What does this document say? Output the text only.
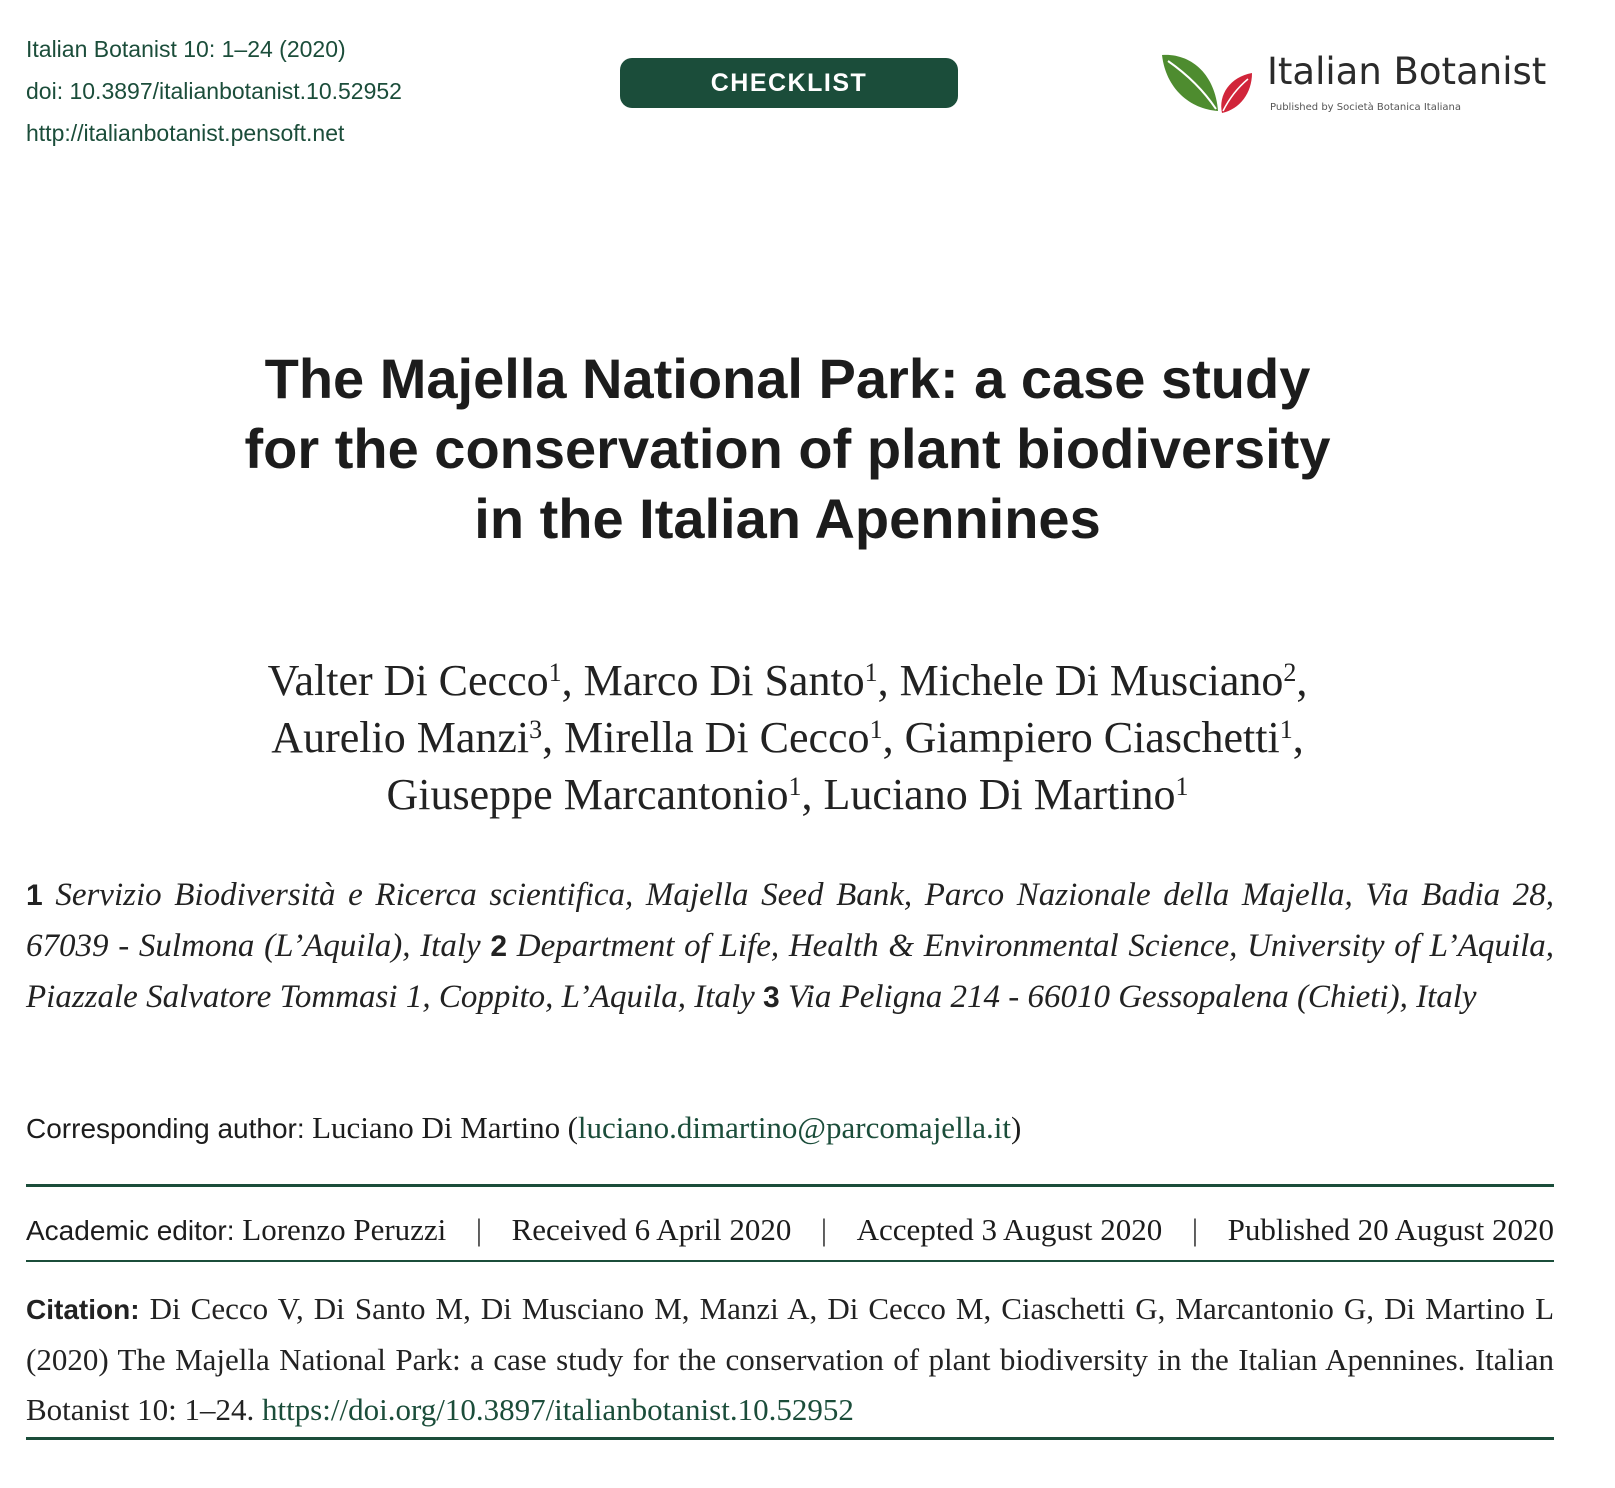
Italian Botanist 10: 1–24 (2020)
doi: 10.3897/italianbotanist.10.52952
http://italianbotanist.pensoft.net
CHECKLIST	Italian Botanist
Published by Società Botanica Italiana
The Majella National Park: a case study
for the conservation of plant biodiversity
in the Italian Apennines
Valter Di Cecco$^1$, Marco Di Santo$^1$, Michele Di Musciano$^2$,
Aurelio Manzi$^3$, Mirella Di Cecco$^1$, Giampiero Ciaschetti$^1$,
Giuseppe Marcantonio$^1$, Luciano Di Martino$^1$
1 Servizio Biodiversità e Ricerca scientifica, Majella Seed Bank, Parco Nazionale della Majella, Via Badia 28, 67039 - Sulmona (L’Aquila), Italy 2 Department of Life, Health & Environmental Science, University of L’Aquila, Piazzale Salvatore Tommasi 1, Coppito, L’Aquila, Italy 3 Via Peligna 214 - 66010 Gessopalena (Chieti), Italy
Corresponding author: Luciano Di Martino (luciano.dimartino@parcomajella.it)
Academic editor: Lorenzo Peruzzi | Received 6 April 2020 | Accepted 3 August 2020 | Published 20 August 2020
Citation: Di Cecco V, Di Santo M, Di Musciano M, Manzi A, Di Cecco M, Ciaschetti G, Marcantonio G, Di Martino L (2020) The Majella National Park: a case study for the conservation of plant biodiversity in the Italian Apennines. Italian Botanist 10: 1–24. https://doi.org/10.3897/italianbotanist.10.52952
